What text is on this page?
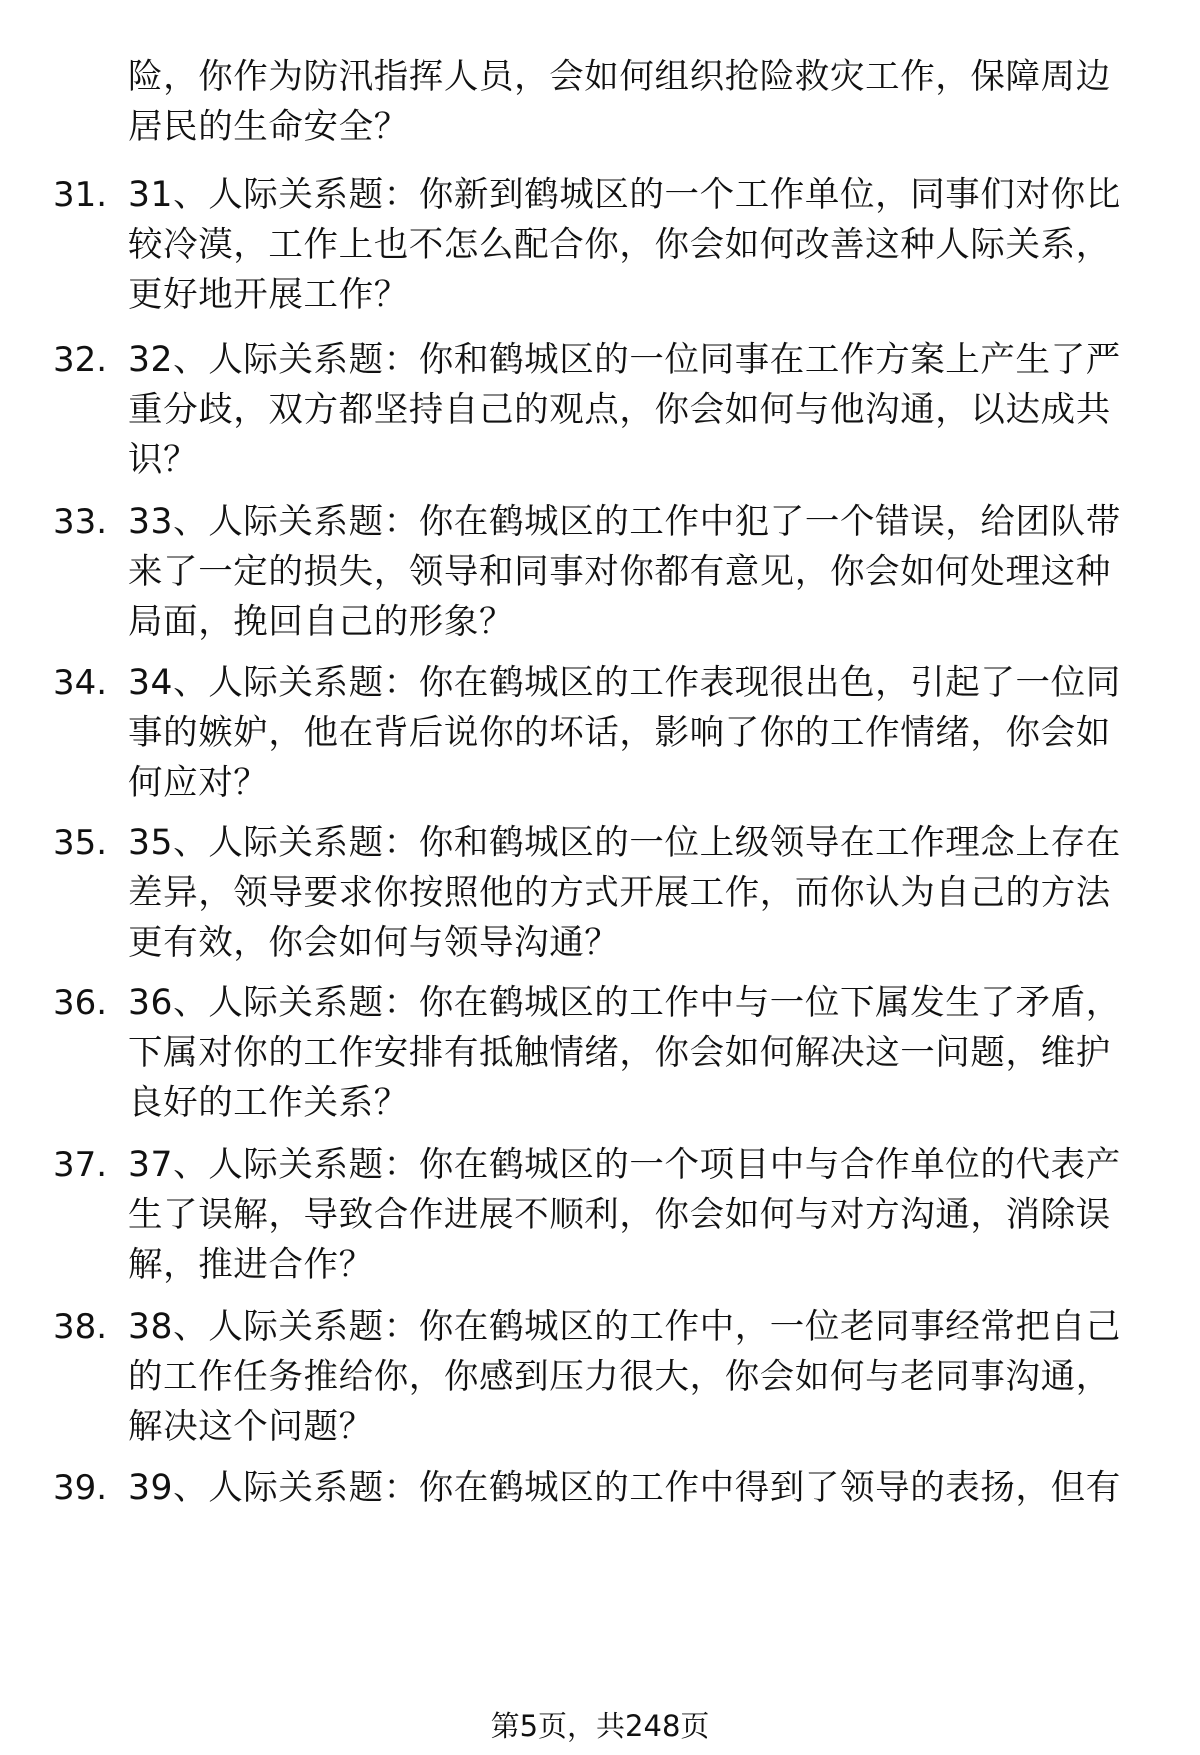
险，你作为防汛指挥人员，会如何组织抢险救灾工作，保障周边
居民的生命安全？
31. 31、人际关系题：你新到鹤城区的一个工作单位，同事们对你比
较冷漠，工作上也不怎么配合你，你会如何改善这种人际关系，
更好地开展工作？
32. 32、人际关系题：你和鹤城区的一位同事在工作方案上产生了严
重分歧，双方都坚持自己的观点，你会如何与他沟通，以达成共
识？
33. 33、人际关系题：你在鹤城区的工作中犯了一个错误，给团队带
来了一定的损失，领导和同事对你都有意见，你会如何处理这种
局面，挽回自己的形象？
34. 34、人际关系题：你在鹤城区的工作表现很出色，引起了一位同
事的嫉妒，他在背后说你的坏话，影响了你的工作情绪，你会如
何应对？
35. 35、人际关系题：你和鹤城区的一位上级领导在工作理念上存在
差异，领导要求你按照他的方式开展工作，而你认为自己的方法
更有效，你会如何与领导沟通？
36. 36、人际关系题：你在鹤城区的工作中与一位下属发生了矛盾，
下属对你的工作安排有抵触情绪，你会如何解决这一问题，维护
良好的工作关系？
37. 37、人际关系题：你在鹤城区的一个项目中与合作单位的代表产
生了误解，导致合作进展不顺利，你会如何与对方沟通，消除误
解，推进合作？
38. 38、人际关系题：你在鹤城区的工作中，一位老同事经常把自己
的工作任务推给你，你感到压力很大，你会如何与老同事沟通，
解决这个问题？
39. 39、人际关系题：你在鹤城区的工作中得到了领导的表扬，但有
第5页，共248页
